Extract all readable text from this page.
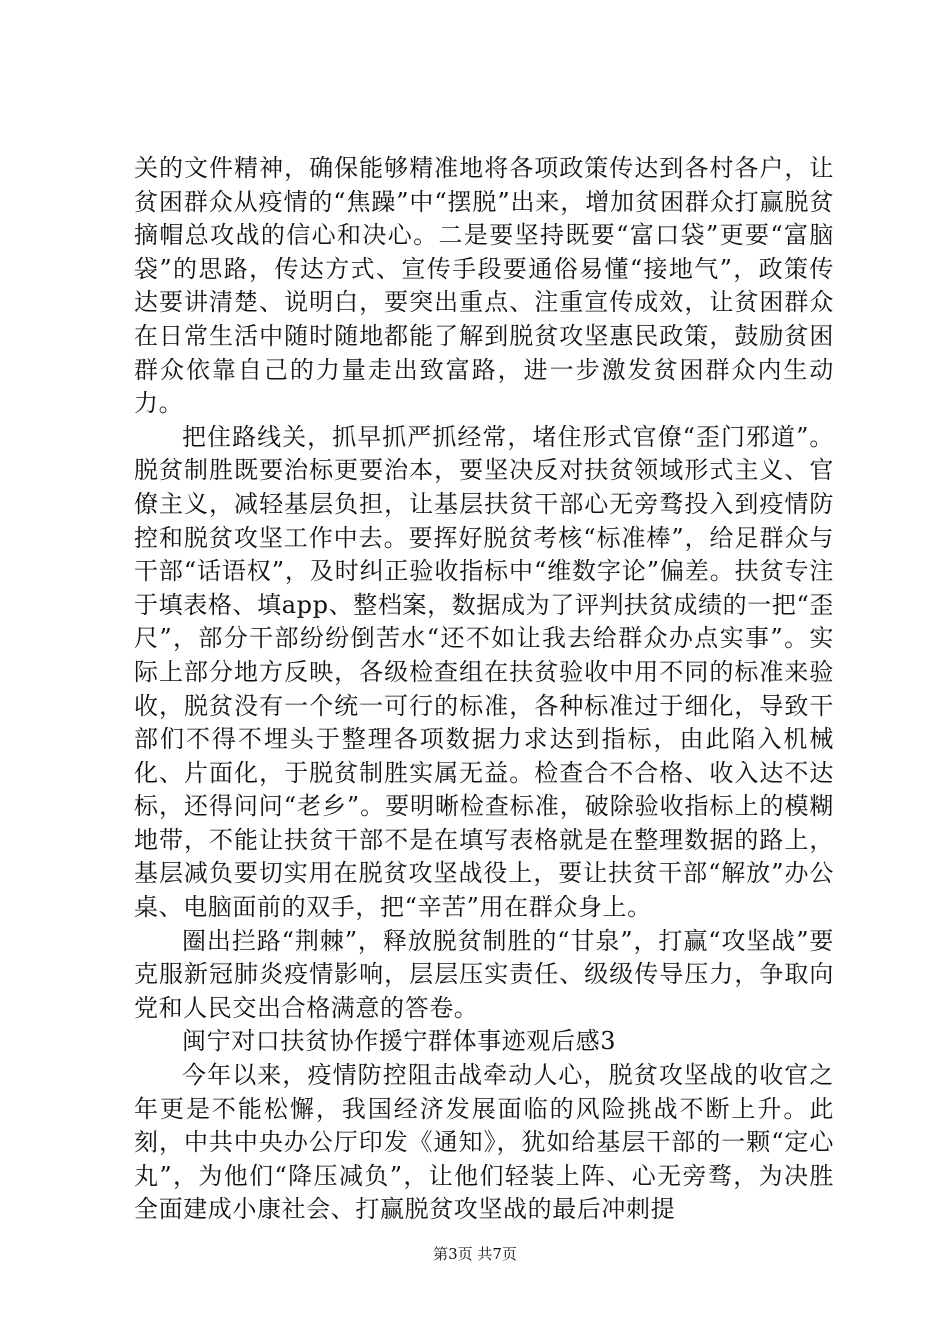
关的文件精神，确保能够精准地将各项政策传达到各村各户，让贫困群众从疫情的“焦躁”中“摆脱”出来，增加贫困群众打赢脱贫摘帽总攻战的信心和决心。二是要坚持既要“富口袋”更要“富脑袋”的思路，传达方式、宣传手段要通俗易懂“接地气”，政策传达要讲清楚、说明白，要突出重点、注重宣传成效，让贫困群众在日常生活中随时随地都能了解到脱贫攻坚惠民政策，鼓励贫困群众依靠自己的力量走出致富路，进一步激发贫困群众内生动力。

把住路线关，抓早抓严抓经常，堵住形式官僚“歪门邪道”。脱贫制胜既要治标更要治本，要坚决反对扶贫领域形式主义、官僚主义，减轻基层负担，让基层扶贫干部心无旁骛投入到疫情防控和脱贫攻坚工作中去。要挥好脱贫考核“标准棒”，给足群众与干部“话语权”，及时纠正验收指标中“维数字论”偏差。扶贫专注于填表格、填app、整档案，数据成为了评判扶贫成绩的一把“歪尺”，部分干部纷纷倒苦水“还不如让我去给群众办点实事”。实际上部分地方反映，各级检查组在扶贫验收中用不同的标准来验收，脱贫没有一个统一可行的标准，各种标准过于细化，导致干部们不得不埋头于整理各项数据力求达到指标，由此陷入机械化、片面化，于脱贫制胜实属无益。检查合不合格、收入达不达标，还得问问“老乡”。要明晰检查标准，破除验收指标上的模糊地带，不能让扶贫干部不是在填写表格就是在整理数据的路上，基层减负要切实用在脱贫攻坚战役上，要让扶贫干部“解放”办公桌、电脑面前的双手，把“辛苦”用在群众身上。

圈出拦路“荆棘”，释放脱贫制胜的“甘泉”，打赢“攻坚战”要克服新冠肺炎疫情影响，层层压实责任、级级传导压力，争取向党和人民交出合格满意的答卷。

闽宁对口扶贫协作援宁群体事迹观后感3

今年以来，疫情防控阻击战牵动人心，脱贫攻坚战的收官之年更是不能松懈，我国经济发展面临的风险挑战不断上升。此刻，中共中央办公厅印发《通知》，犹如给基层干部的一颗“定心丸”，为他们“降压减负”，让他们轻装上阵、心无旁骛，为决胜全面建成小康社会、打赢脱贫攻坚战的最后冲刺提

第3页 共7页
